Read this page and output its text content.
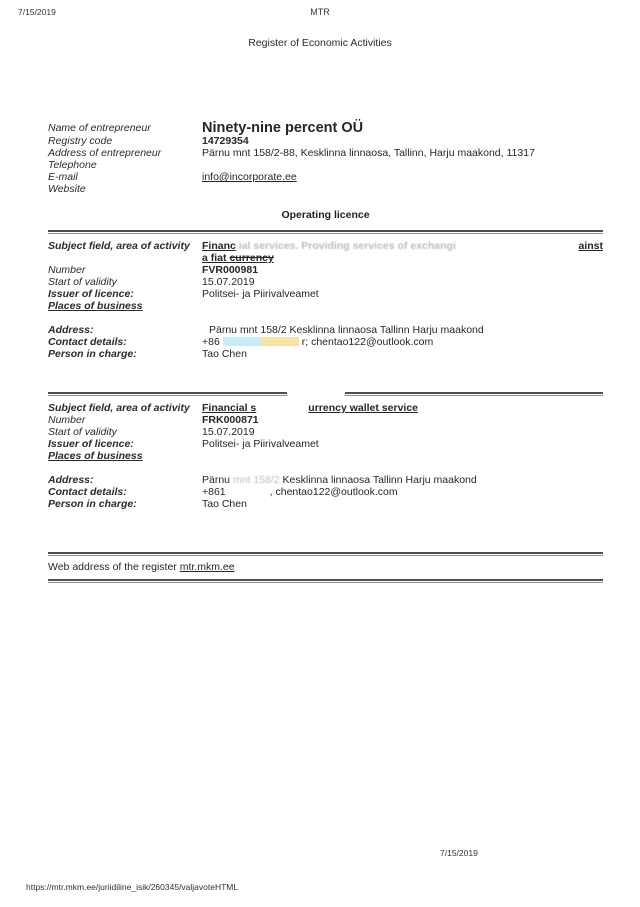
7/15/2019	MTR
Register of Economic Activities
Name of entrepreneur	Ninety-nine percent OÜ
Registry code	14729354
Address of entrepreneur	Pärnu mnt 158/2-88, Kesklinna linnaosa, Tallinn, Harju maakond, 11317
Telephone
E-mail	info@incorporate.ee
Website
Operating licence
Subject field, area of activity	Financ ial services. Providing services of exchangi	ainst
a fiat currency
Number	FVR000981
Start of validity	15.07.2019
Issuer of licence:	Politsei- ja Piirivalveamet
Places of business
Address:	Pärnu mnt 158/2 Kesklinna linnaosa Tallinn Harju maakond
Contact details:	+86	r; chentao122@outlook.com
Person in charge:	Tao Chen
Subject field, area of activity	Financial s	urrency wallet service
Number	FRK000871
Start of validity	15.07.2019
Issuer of licence:	Politsei- ja Piirivalveamet
Places of business
Address:	Pärnu mnt 158/2 Kesklinna linnaosa Tallinn Harju maakond
Contact details:	+861	, chentao122@outlook.com
Person in charge:	Tao Chen
Web address of the register mtr.mkm.ee
7/15/2019
https://mtr.mkm.ee/juriidiline_isik/260345/valjavoteHTML
